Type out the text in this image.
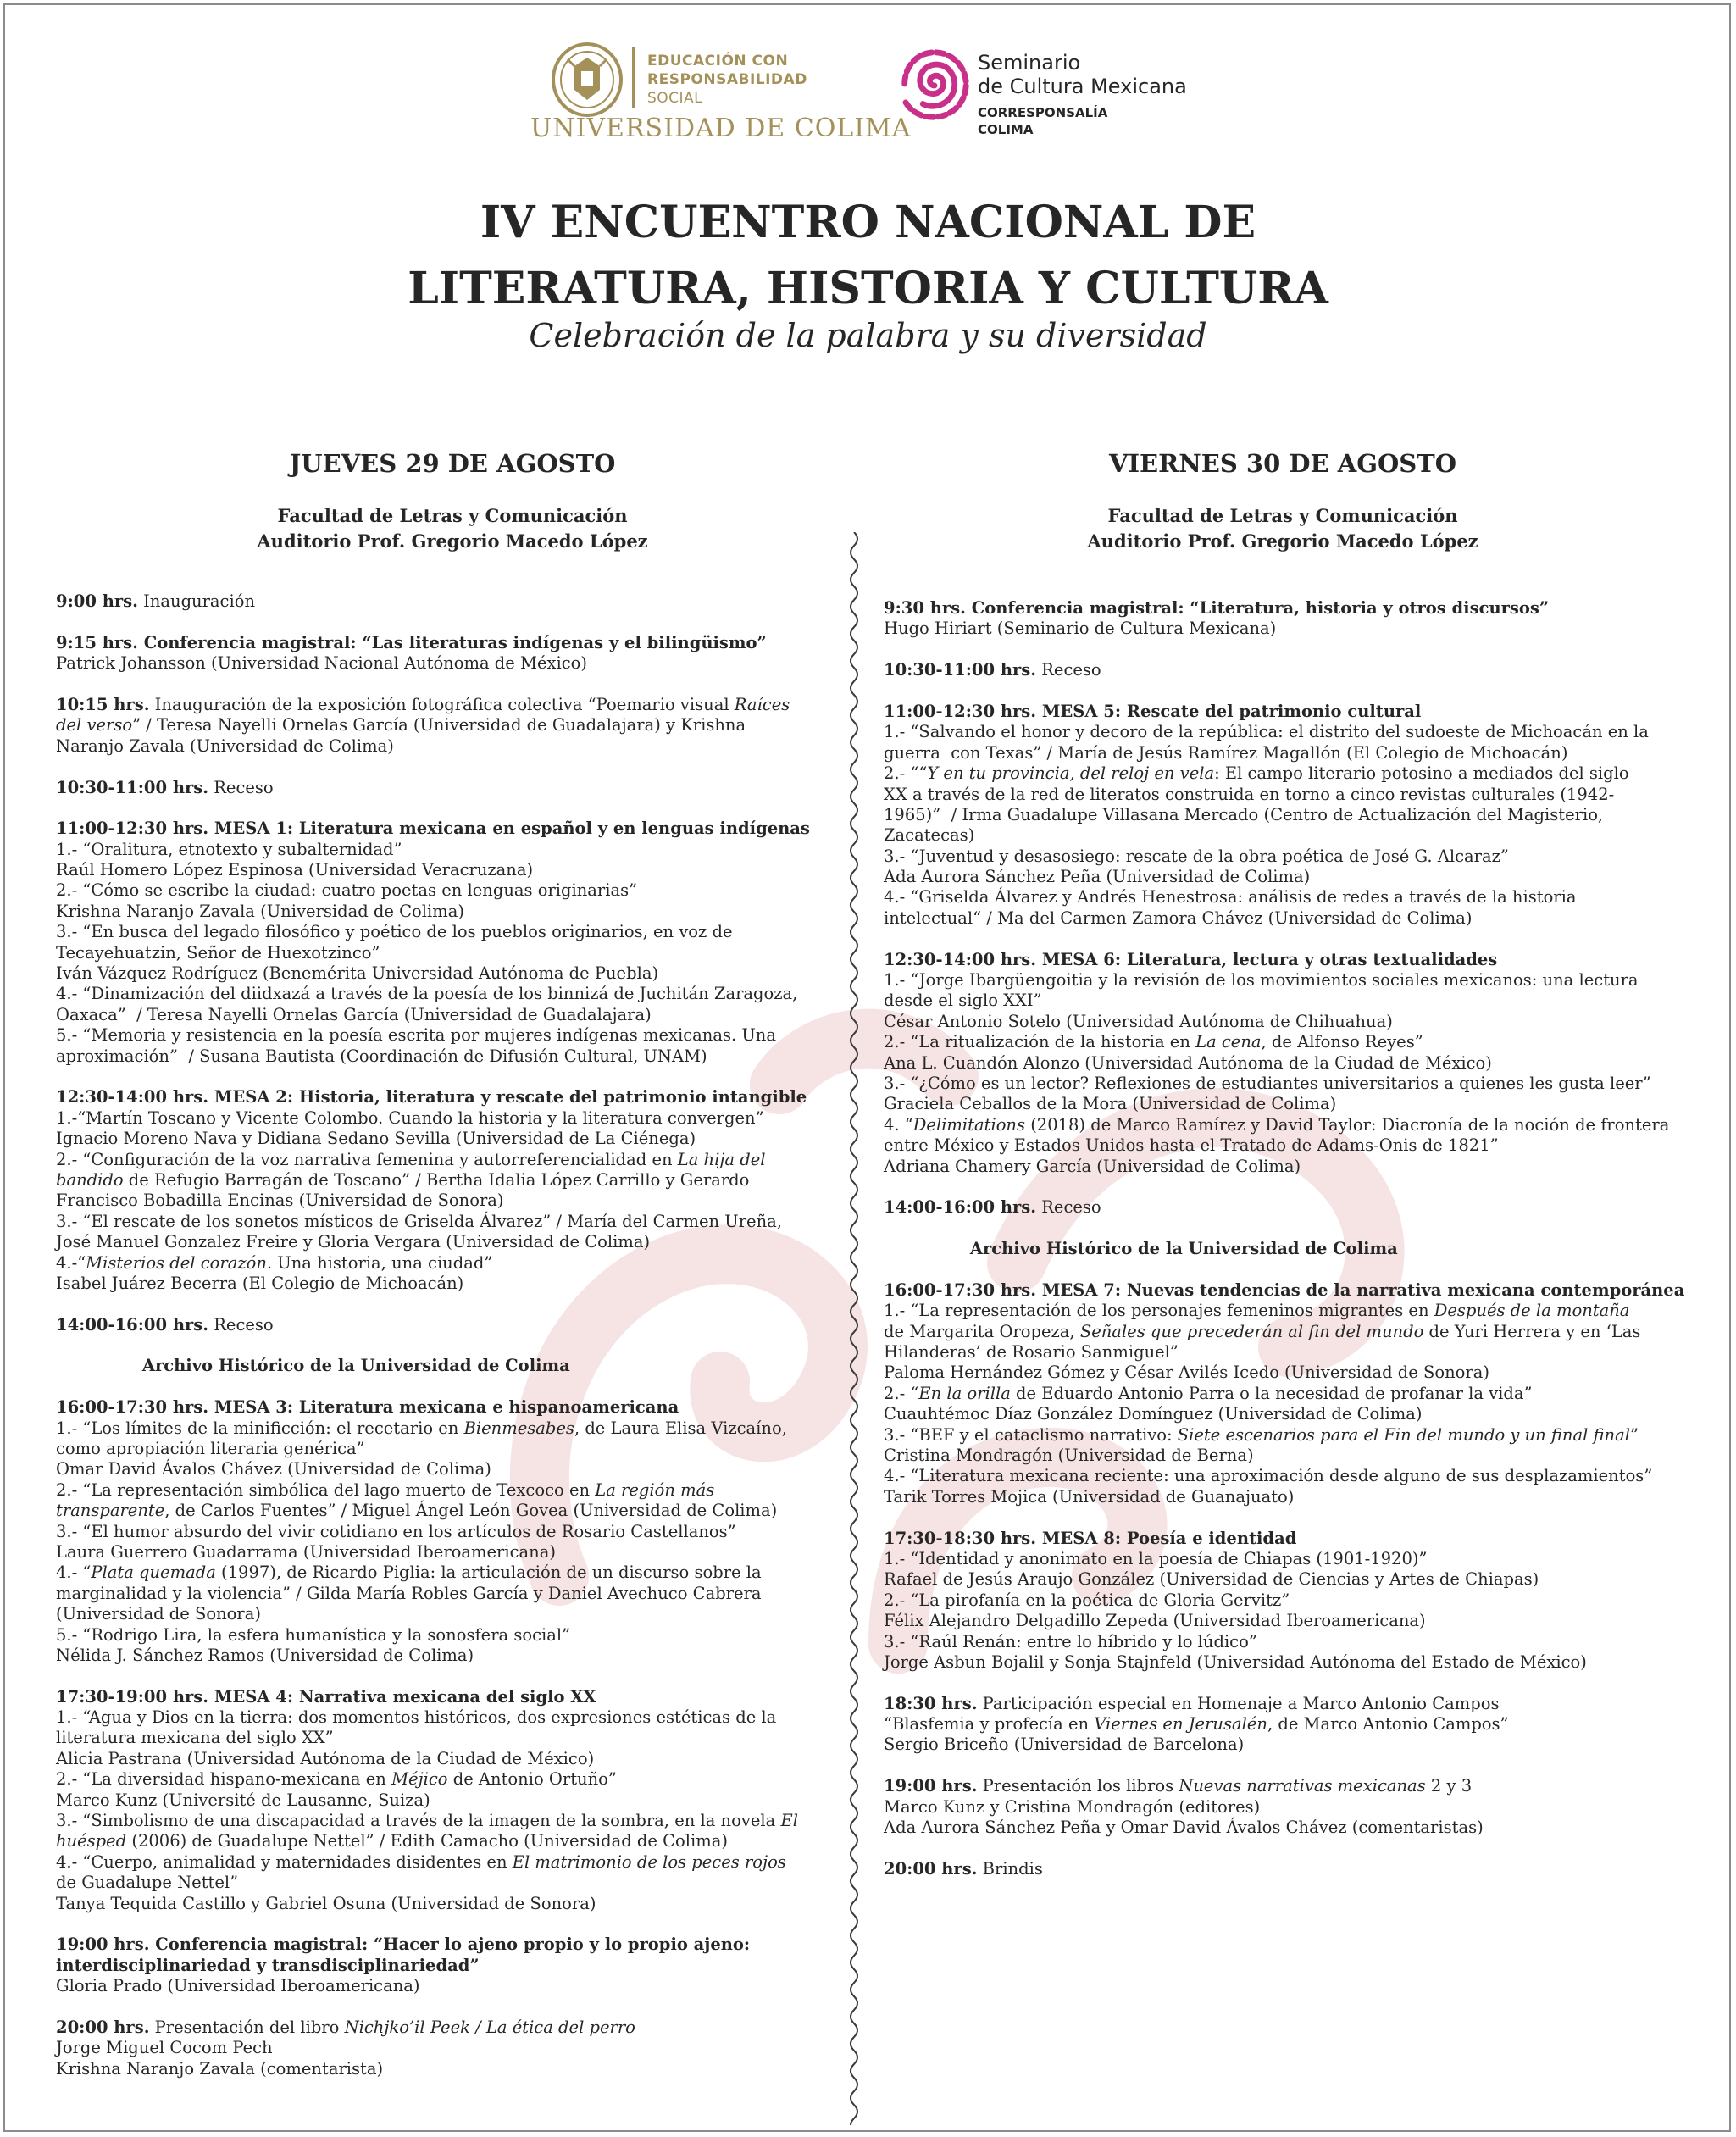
EDUCACIÓN CON
RESPONSABILIDAD
SOCIAL
UNIVERSIDAD DE COLIMA
Seminario
de Cultura Mexicana
CORRESPONSALÍA
COLIMA
IV ENCUENTRO NACIONAL DE
LITERATURA, HISTORIA Y CULTURA
Celebración de la palabra y su diversidad
JUEVES 29 DE AGOSTO	VIERNES 30 DE AGOSTO
Facultad de Letras y Comunicación
Auditorio Prof. Gregorio Macedo López
Facultad de Letras y Comunicación
Auditorio Prof. Gregorio Macedo López
9:00 hrs. Inauguración
9:15 hrs. Conferencia magistral: “Las literaturas indígenas y el bilingüismo”
Patrick Johansson (Universidad Nacional Autónoma de México)
10:15 hrs. Inauguración de la exposición fotográfica colectiva “Poemario visual Raíces
del verso” / Teresa Nayelli Ornelas García (Universidad de Guadalajara) y Krishna
Naranjo Zavala (Universidad de Colima)
10:30-11:00 hrs. Receso
11:00-12:30 hrs. MESA 1: Literatura mexicana en español y en lenguas indígenas
1.- “Oralitura, etnotexto y subalternidad”
Raúl Homero López Espinosa (Universidad Veracruzana)
2.- “Cómo se escribe la ciudad: cuatro poetas en lenguas originarias”
Krishna Naranjo Zavala (Universidad de Colima)
3.- “En busca del legado filosófico y poético de los pueblos originarios, en voz de
Tecayehuatzin, Señor de Huexotzinco”
Iván Vázquez Rodríguez (Benemérita Universidad Autónoma de Puebla)
4.- “Dinamización del diidxazá a través de la poesía de los binnizá de Juchitán Zaragoza,
Oaxaca”  / Teresa Nayelli Ornelas García (Universidad de Guadalajara)
5.- “Memoria y resistencia en la poesía escrita por mujeres indígenas mexicanas. Una
aproximación”  / Susana Bautista (Coordinación de Difusión Cultural, UNAM)
12:30-14:00 hrs. MESA 2: Historia, literatura y rescate del patrimonio intangible
1.-“Martín Toscano y Vicente Colombo. Cuando la historia y la literatura convergen”
Ignacio Moreno Nava y Didiana Sedano Sevilla (Universidad de La Ciénega)
2.- “Configuración de la voz narrativa femenina y autorreferencialidad en La hija del
bandido de Refugio Barragán de Toscano” / Bertha Idalia López Carrillo y Gerardo
Francisco Bobadilla Encinas (Universidad de Sonora)
3.- “El rescate de los sonetos místicos de Griselda Álvarez” / María del Carmen Ureña,
José Manuel Gonzalez Freire y Gloria Vergara (Universidad de Colima)
4.-“Misterios del corazón. Una historia, una ciudad”
Isabel Juárez Becerra (El Colegio de Michoacán)
14:00-16:00 hrs. Receso
Archivo Histórico de la Universidad de Colima
16:00-17:30 hrs. MESA 3: Literatura mexicana e hispanoamericana
1.- “Los límites de la minificción: el recetario en Bienmesabes, de Laura Elisa Vizcaíno,
como apropiación literaria genérica”
Omar David Ávalos Chávez (Universidad de Colima)
2.- “La representación simbólica del lago muerto de Texcoco en La región más
transparente, de Carlos Fuentes” / Miguel Ángel León Govea (Universidad de Colima)
3.- “El humor absurdo del vivir cotidiano en los artículos de Rosario Castellanos”
Laura Guerrero Guadarrama (Universidad Iberoamericana)
4.- “Plata quemada (1997), de Ricardo Piglia: la articulación de un discurso sobre la
marginalidad y la violencia” / Gilda María Robles García y Daniel Avechuco Cabrera
(Universidad de Sonora)
5.- “Rodrigo Lira, la esfera humanística y la sonosfera social”
Nélida J. Sánchez Ramos (Universidad de Colima)
17:30-19:00 hrs. MESA 4: Narrativa mexicana del siglo XX
1.- “Agua y Dios en la tierra: dos momentos históricos, dos expresiones estéticas de la
literatura mexicana del siglo XX”
Alicia Pastrana (Universidad Autónoma de la Ciudad de México)
2.- “La diversidad hispano-mexicana en Méjico de Antonio Ortuño”
Marco Kunz (Université de Lausanne, Suiza)
3.- “Simbolismo de una discapacidad a través de la imagen de la sombra, en la novela El
huésped (2006) de Guadalupe Nettel” / Edith Camacho (Universidad de Colima)
4.- “Cuerpo, animalidad y maternidades disidentes en El matrimonio de los peces rojos
de Guadalupe Nettel”
Tanya Tequida Castillo y Gabriel Osuna (Universidad de Sonora)
19:00 hrs. Conferencia magistral: “Hacer lo ajeno propio y lo propio ajeno:
interdisciplinariedad y transdisciplinariedad”
Gloria Prado (Universidad Iberoamericana)
20:00 hrs. Presentación del libro Nichjko’il Peek / La ética del perro
Jorge Miguel Cocom Pech
Krishna Naranjo Zavala (comentarista)
9:30 hrs. Conferencia magistral: “Literatura, historia y otros discursos”
Hugo Hiriart (Seminario de Cultura Mexicana)
10:30-11:00 hrs. Receso
11:00-12:30 hrs. MESA 5: Rescate del patrimonio cultural
1.- “Salvando el honor y decoro de la república: el distrito del sudoeste de Michoacán en la
guerra  con Texas” / María de Jesús Ramírez Magallón (El Colegio de Michoacán)
2.- ““Y en tu provincia, del reloj en vela: El campo literario potosino a mediados del siglo
XX a través de la red de literatos construida en torno a cinco revistas culturales (1942-
1965)”  / Irma Guadalupe Villasana Mercado (Centro de Actualización del Magisterio,
Zacatecas)
3.- “Juventud y desasosiego: rescate de la obra poética de José G. Alcaraz”
Ada Aurora Sánchez Peña (Universidad de Colima)
4.- “Griselda Álvarez y Andrés Henestrosa: análisis de redes a través de la historia
intelectual“ / Ma del Carmen Zamora Chávez (Universidad de Colima)
12:30-14:00 hrs. MESA 6: Literatura, lectura y otras textualidades
1.- “Jorge Ibargüengoitia y la revisión de los movimientos sociales mexicanos: una lectura
desde el siglo XXI”
César Antonio Sotelo (Universidad Autónoma de Chihuahua)
2.- “La ritualización de la historia en La cena, de Alfonso Reyes”
Ana L. Cuandón Alonzo (Universidad Autónoma de la Ciudad de México)
3.- “¿Cómo es un lector? Reflexiones de estudiantes universitarios a quienes les gusta leer”
Graciela Ceballos de la Mora (Universidad de Colima)
4. “Delimitations (2018) de Marco Ramírez y David Taylor: Diacronía de la noción de frontera
entre México y Estados Unidos hasta el Tratado de Adams-Onis de 1821”
Adriana Chamery García (Universidad de Colima)
14:00-16:00 hrs. Receso
Archivo Histórico de la Universidad de Colima
16:00-17:30 hrs. MESA 7: Nuevas tendencias de la narrativa mexicana contemporánea
1.- “La representación de los personajes femeninos migrantes en Después de la montaña
de Margarita Oropeza, Señales que precederán al fin del mundo de Yuri Herrera y en ‘Las
Hilanderas’ de Rosario Sanmiguel”
Paloma Hernández Gómez y César Avilés Icedo (Universidad de Sonora)
2.- “En la orilla de Eduardo Antonio Parra o la necesidad de profanar la vida”
Cuauhtémoc Díaz González Domínguez (Universidad de Colima)
3.- “BEF y el cataclismo narrativo: Siete escenarios para el Fin del mundo y un final final”
Cristina Mondragón (Universidad de Berna)
4.- “Literatura mexicana reciente: una aproximación desde alguno de sus desplazamientos”
Tarik Torres Mojica (Universidad de Guanajuato)
17:30-18:30 hrs. MESA 8: Poesía e identidad
1.- “Identidad y anonimato en la poesía de Chiapas (1901-1920)”
Rafael de Jesús Araujo González (Universidad de Ciencias y Artes de Chiapas)
2.- “La pirofanía en la poética de Gloria Gervitz”
Félix Alejandro Delgadillo Zepeda (Universidad Iberoamericana)
3.- “Raúl Renán: entre lo híbrido y lo lúdico”
Jorge Asbun Bojalil y Sonja Stajnfeld (Universidad Autónoma del Estado de México)
18:30 hrs. Participación especial en Homenaje a Marco Antonio Campos
“Blasfemia y profecía en Viernes en Jerusalén, de Marco Antonio Campos”
Sergio Briceño (Universidad de Barcelona)
19:00 hrs. Presentación los libros Nuevas narrativas mexicanas 2 y 3
Marco Kunz y Cristina Mondragón (editores)
Ada Aurora Sánchez Peña y Omar David Ávalos Chávez (comentaristas)
20:00 hrs. Brindis
